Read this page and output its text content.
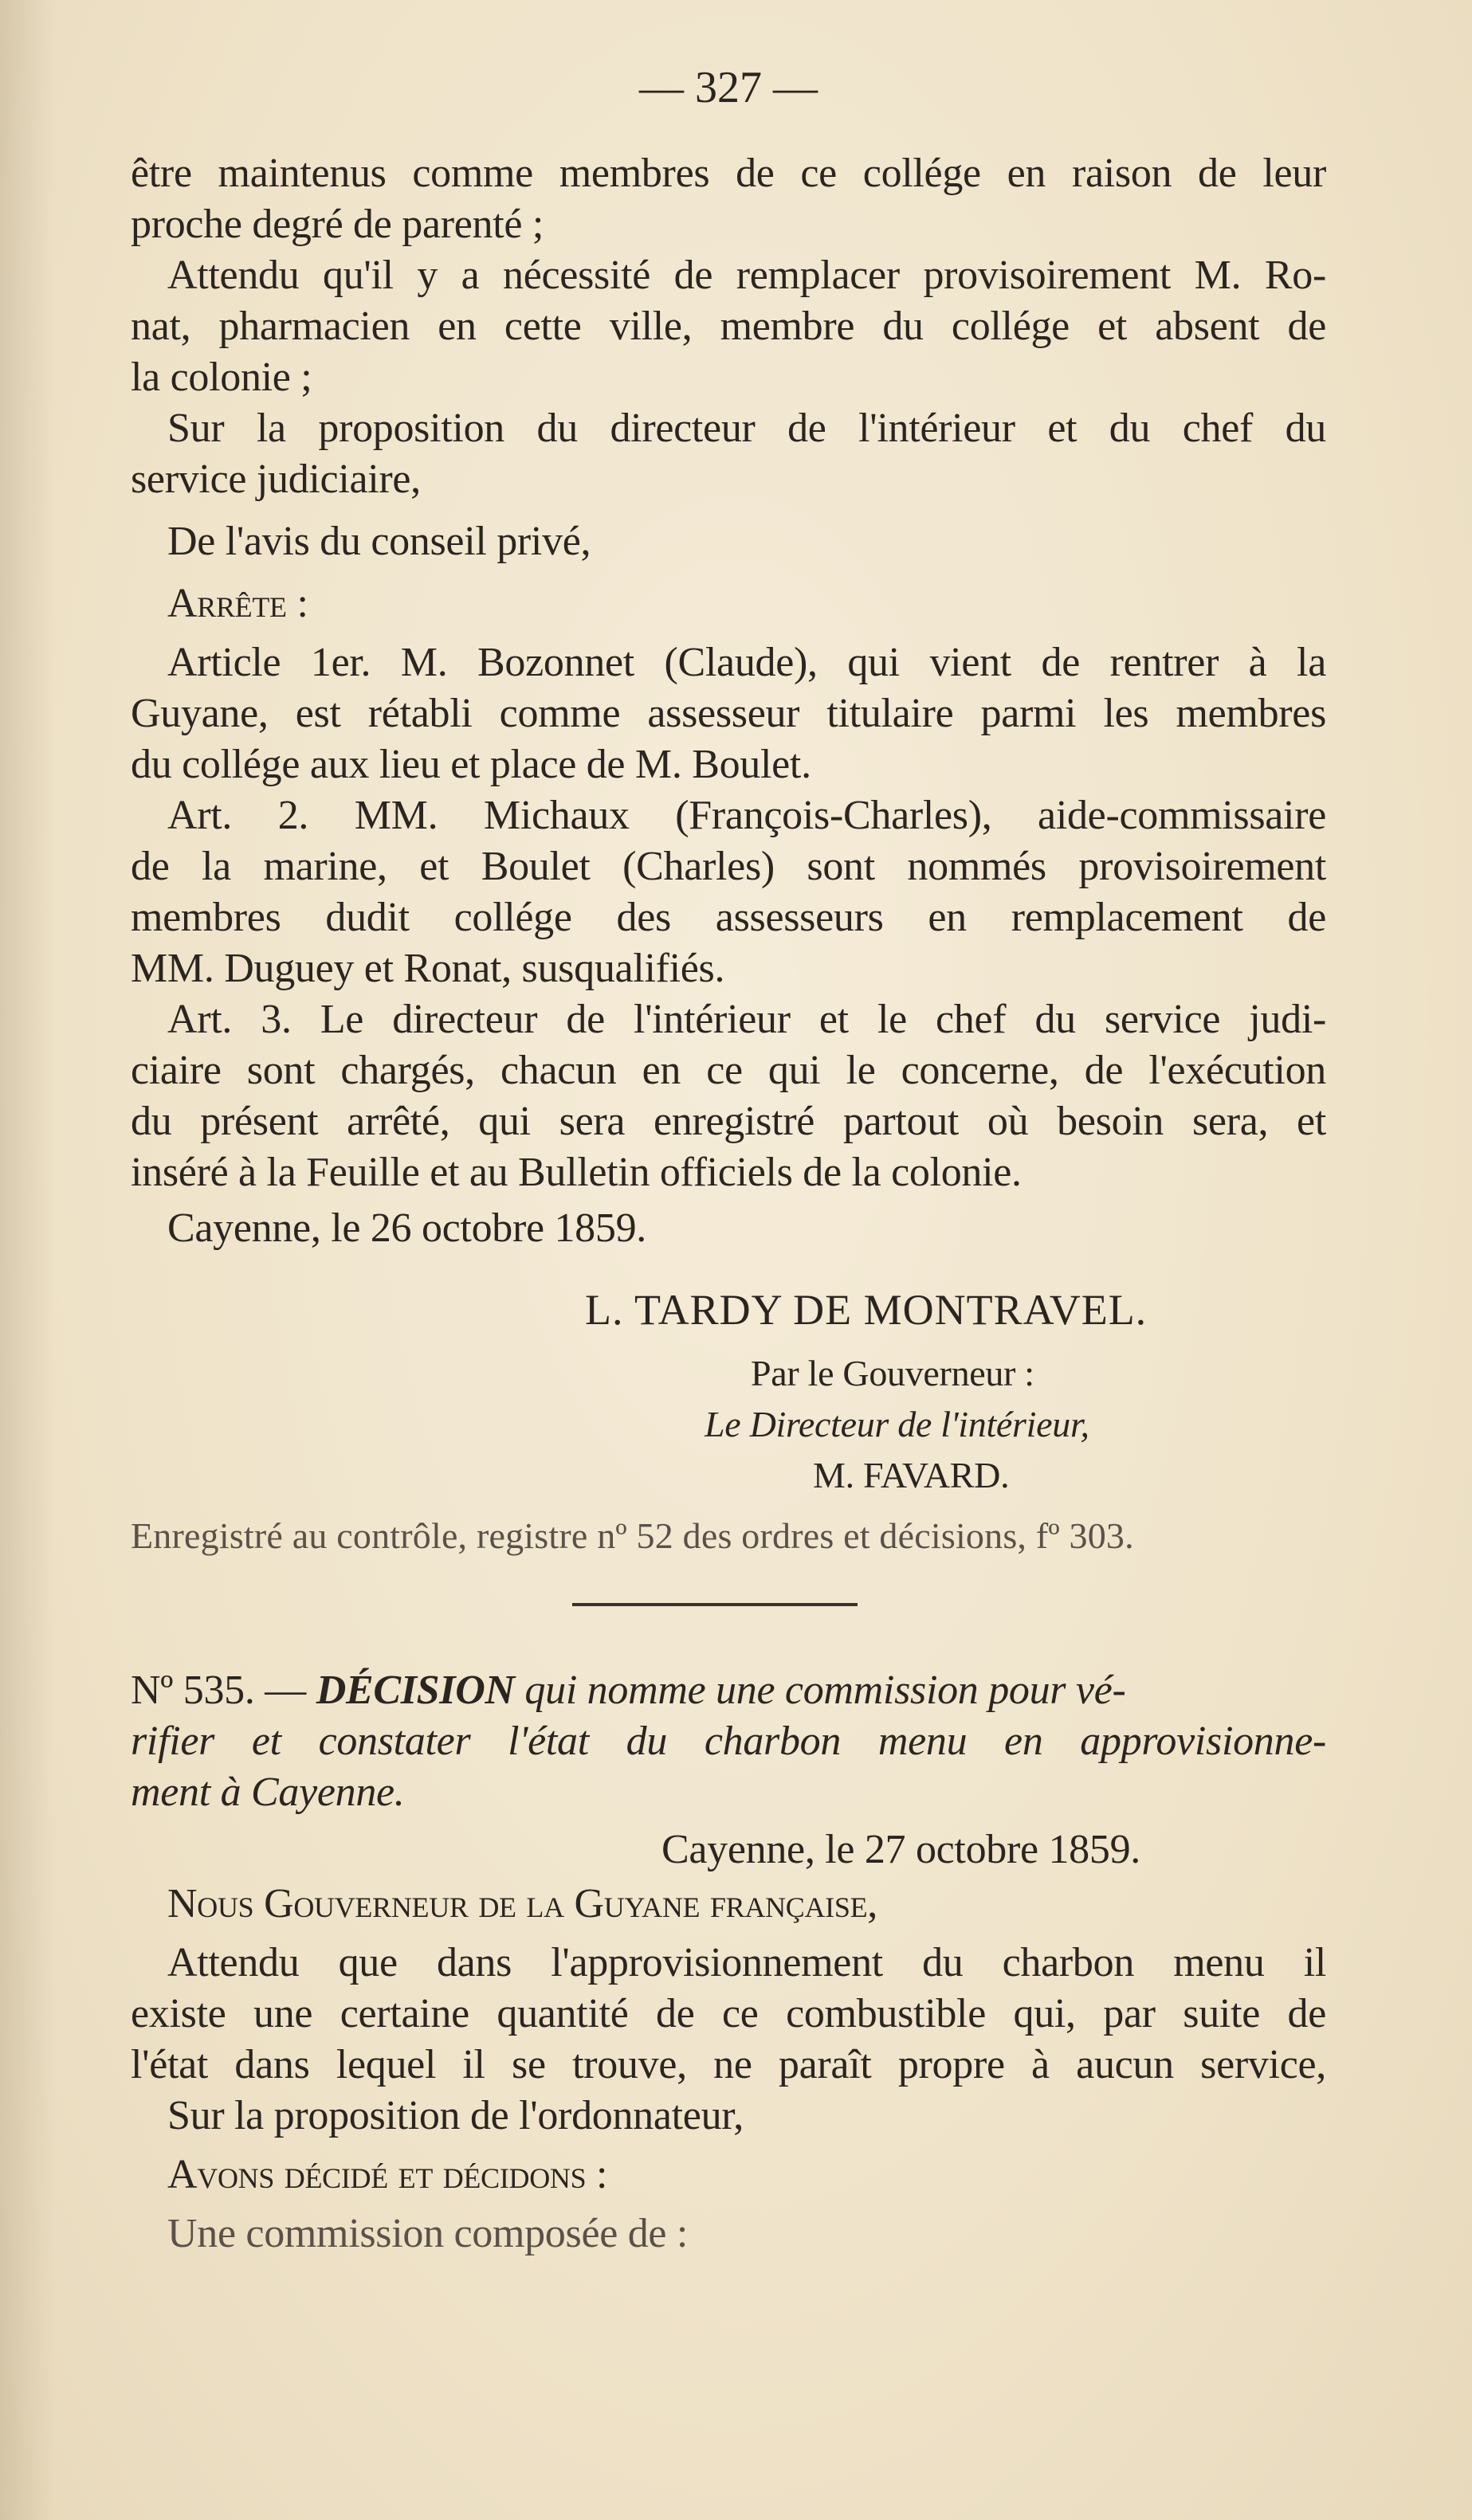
— 327 —
être maintenus comme membres de ce collége en raison de leur
proche degré de parenté ;
Attendu qu'il y a nécessité de remplacer provisoirement M. Ro-
nat, pharmacien en cette ville, membre du collége et absent de
la colonie ;
Sur la proposition du directeur de l'intérieur et du chef du
service judiciaire,
De l'avis du conseil privé,
Arrête :
Article 1er. M. Bozonnet (Claude), qui vient de rentrer à la
Guyane, est rétabli comme assesseur titulaire parmi les membres
du collége aux lieu et place de M. Boulet.
Art. 2. MM. Michaux (François-Charles), aide-commissaire
de la marine, et Boulet (Charles) sont nommés provisoirement
membres dudit collége des assesseurs en remplacement de
MM. Duguey et Ronat, susqualifiés.
Art. 3. Le directeur de l'intérieur et le chef du service judi-
ciaire sont chargés, chacun en ce qui le concerne, de l'exécution
du présent arrêté, qui sera enregistré partout où besoin sera, et
inséré à la Feuille et au Bulletin officiels de la colonie.
Cayenne, le 26 octobre 1859.
L. TARDY DE MONTRAVEL.
Par le Gouverneur :
Le Directeur de l'intérieur,
M. FAVARD.
Enregistré au contrôle, registre nº 52 des ordres et décisions, fº 303.
Nº 535. — DÉCISION qui nomme une commission pour vé-
rifier et constater l'état du charbon menu en approvisionne-
ment à Cayenne.
Cayenne, le 27 octobre 1859.
Nous Gouverneur de la Guyane française,
Attendu que dans l'approvisionnement du charbon menu il
existe une certaine quantité de ce combustible qui, par suite de
l'état dans lequel il se trouve, ne paraît propre à aucun service,
Sur la proposition de l'ordonnateur,
Avons décidé et décidons :
Une commission composée de :
